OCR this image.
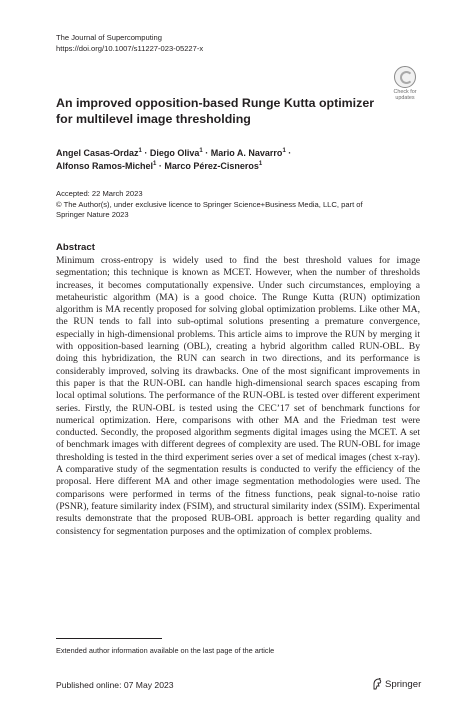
The Journal of Supercomputing
https://doi.org/10.1007/s11227-023-05227-x
Check for
updates
An improved opposition-based Runge Kutta optimizer for multilevel image thresholding
Angel Casas-Ordaz$^1$ · Diego Oliva$^1$ · Mario A. Navarro$^1$ ·
Alfonso Ramos-Michel$^1$ · Marco Pérez-Cisneros$^1$
Accepted: 22 March 2023
© The Author(s), under exclusive licence to Springer Science+Business Media, LLC, part of Springer Nature 2023
Abstract
Minimum cross-entropy is widely used to find the best threshold values for image segmentation; this technique is known as MCET. However, when the number of thresholds increases, it becomes computationally expensive. Under such circumstances, employing a metaheuristic algorithm (MA) is a good choice. The Runge Kutta (RUN) optimization algorithm is MA recently proposed for solving global optimization problems. Like other MA, the RUN tends to fall into sub-optimal solutions presenting a premature convergence, especially in high-dimensional problems. This article aims to improve the RUN by merging it with opposition-based learning (OBL), creating a hybrid algorithm called RUN-OBL. By doing this hybridization, the RUN can search in two directions, and its performance is considerably improved, solving its drawbacks. One of the most significant improvements in this paper is that the RUN-OBL can handle high-dimensional search spaces escaping from local optimal solutions. The performance of the RUN-OBL is tested over different experiment series. Firstly, the RUN-OBL is tested using the CEC’17 set of benchmark functions for numerical optimization. Here, comparisons with other MA and the Friedman test were conducted. Secondly, the proposed algorithm segments digital images using the MCET. A set of benchmark images with different degrees of complexity are used. The RUN-OBL for image thresholding is tested in the third experiment series over a set of medical images (chest x-ray). A comparative study of the segmentation results is conducted to verify the efficiency of the proposal. Here different MA and other image segmentation methodologies were used. The comparisons were performed in terms of the fitness functions, peak signal-to-noise ratio (PSNR), feature similarity index (FSIM), and structural similarity index (SSIM). Experimental results demonstrate that the proposed RUB-OBL approach is better regarding quality and consistency for segmentation purposes and the optimization of complex problems.
Extended author information available on the last page of the article
Published online: 07 May 2023	Springer
